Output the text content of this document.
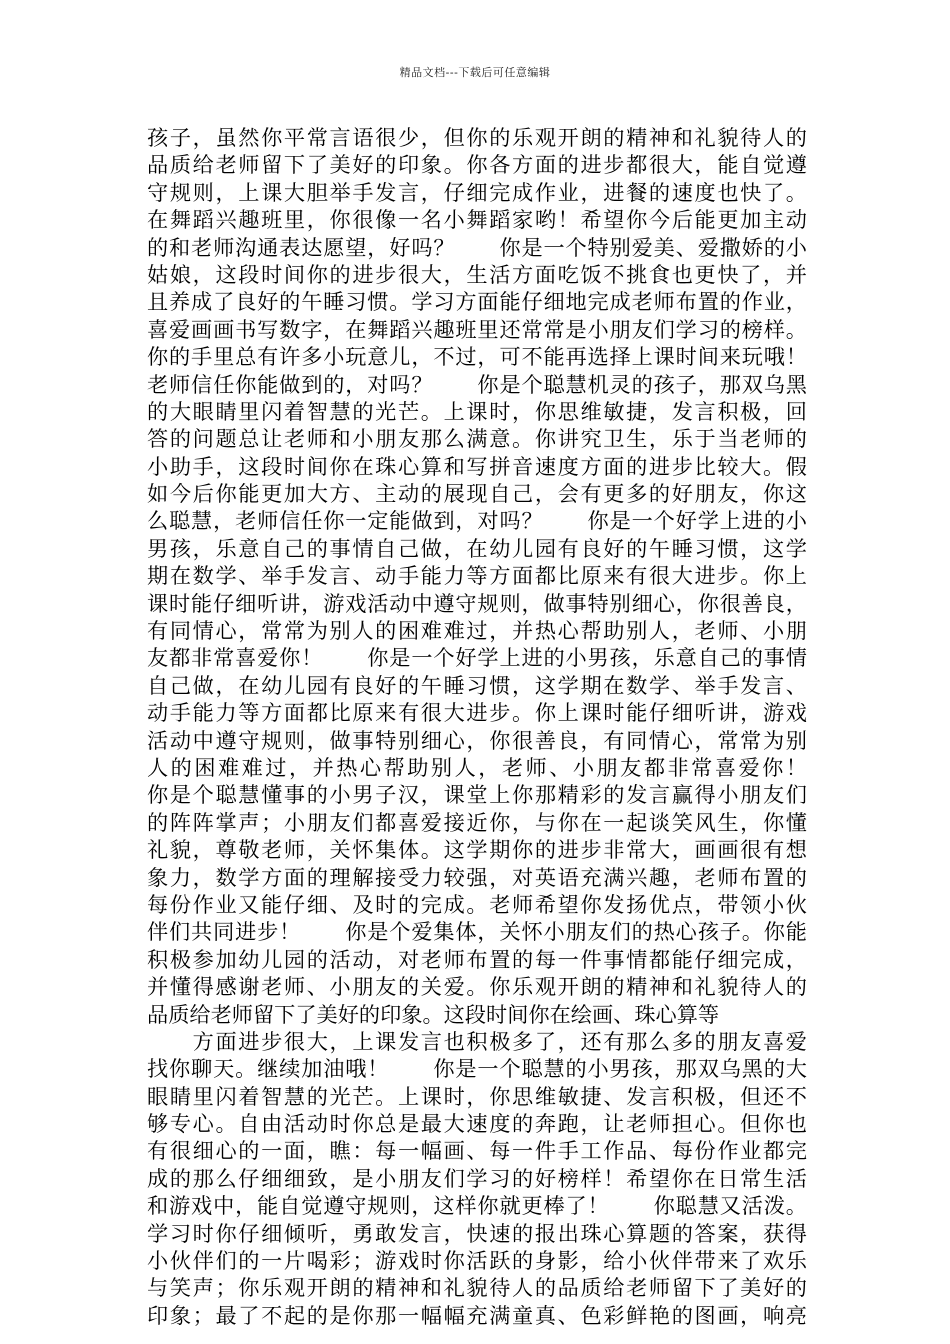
精品文档---下载后可任意编辑
孩子，虽然你平常言语很少，但你的乐观开朗的精神和礼貌待人的
品质给老师留下了美好的印象。你各方面的进步都很大，能自觉遵
守规则，上课大胆举手发言，仔细完成作业，进餐的速度也快了。
在舞蹈兴趣班里，你很像一名小舞蹈家哟！希望你今后能更加主动
的和老师沟通表达愿望，好吗？　　你是一个特别爱美、爱撒娇的小
姑娘，这段时间你的进步很大，生活方面吃饭不挑食也更快了，并
且养成了良好的午睡习惯。学习方面能仔细地完成老师布置的作业，
喜爱画画书写数字，在舞蹈兴趣班里还常常是小朋友们学习的榜样。
你的手里总有许多小玩意儿，不过，可不能再选择上课时间来玩哦！
老师信任你能做到的，对吗？　　你是个聪慧机灵的孩子，那双乌黑
的大眼睛里闪着智慧的光芒。上课时，你思维敏捷，发言积极，回
答的问题总让老师和小朋友那么满意。你讲究卫生，乐于当老师的
小助手，这段时间你在珠心算和写拼音速度方面的进步比较大。假
如今后你能更加大方、主动的展现自己，会有更多的好朋友，你这
么聪慧，老师信任你一定能做到，对吗？　　你是一个好学上进的小
男孩，乐意自己的事情自己做，在幼儿园有良好的午睡习惯，这学
期在数学、举手发言、动手能力等方面都比原来有很大进步。你上
课时能仔细听讲，游戏活动中遵守规则，做事特别细心，你很善良，
有同情心，常常为别人的困难难过，并热心帮助别人，老师、小朋
友都非常喜爱你！　　你是一个好学上进的小男孩，乐意自己的事情
自己做，在幼儿园有良好的午睡习惯，这学期在数学、举手发言、
动手能力等方面都比原来有很大进步。你上课时能仔细听讲，游戏
活动中遵守规则，做事特别细心，你很善良，有同情心，常常为别
人的困难难过，并热心帮助别人，老师、小朋友都非常喜爱你！　　
你是个聪慧懂事的小男子汉，课堂上你那精彩的发言赢得小朋友们
的阵阵掌声；小朋友们都喜爱接近你，与你在一起谈笑风生，你懂
礼貌，尊敬老师，关怀集体。这学期你的进步非常大，画画很有想
象力，数学方面的理解接受力较强，对英语充满兴趣，老师布置的
每份作业又能仔细、及时的完成。老师希望你发扬优点，带领小伙
伴们共同进步！　　你是个爱集体，关怀小朋友们的热心孩子。你能
积极参加幼儿园的活动，对老师布置的每一件事情都能仔细完成，
并懂得感谢老师、小朋友的关爱。你乐观开朗的精神和礼貌待人的
品质给老师留下了美好的印象。这段时间你在绘画、珠心算等
　　方面进步很大，上课发言也积极多了，还有那么多的朋友喜爱
找你聊天。继续加油哦！　　你是一个聪慧的小男孩，那双乌黑的大
眼睛里闪着智慧的光芒。上课时，你思维敏捷、发言积极，但还不
够专心。自由活动时你总是最大速度的奔跑，让老师担心。但你也
有很细心的一面，瞧：每一幅画、每一件手工作品、每份作业都完
成的那么仔细细致，是小朋友们学习的好榜样！希望你在日常生活
和游戏中，能自觉遵守规则，这样你就更棒了！　　你聪慧又活泼。
学习时你仔细倾听，勇敢发言，快速的报出珠心算题的答案，获得
小伙伴们的一片喝彩；游戏时你活跃的身影，给小伙伴带来了欢乐
与笑声；你乐观开朗的精神和礼貌待人的品质给老师留下了美好的
印象；最了不起的是你那一幅幅充满童真、色彩鲜艳的图画，响亮
